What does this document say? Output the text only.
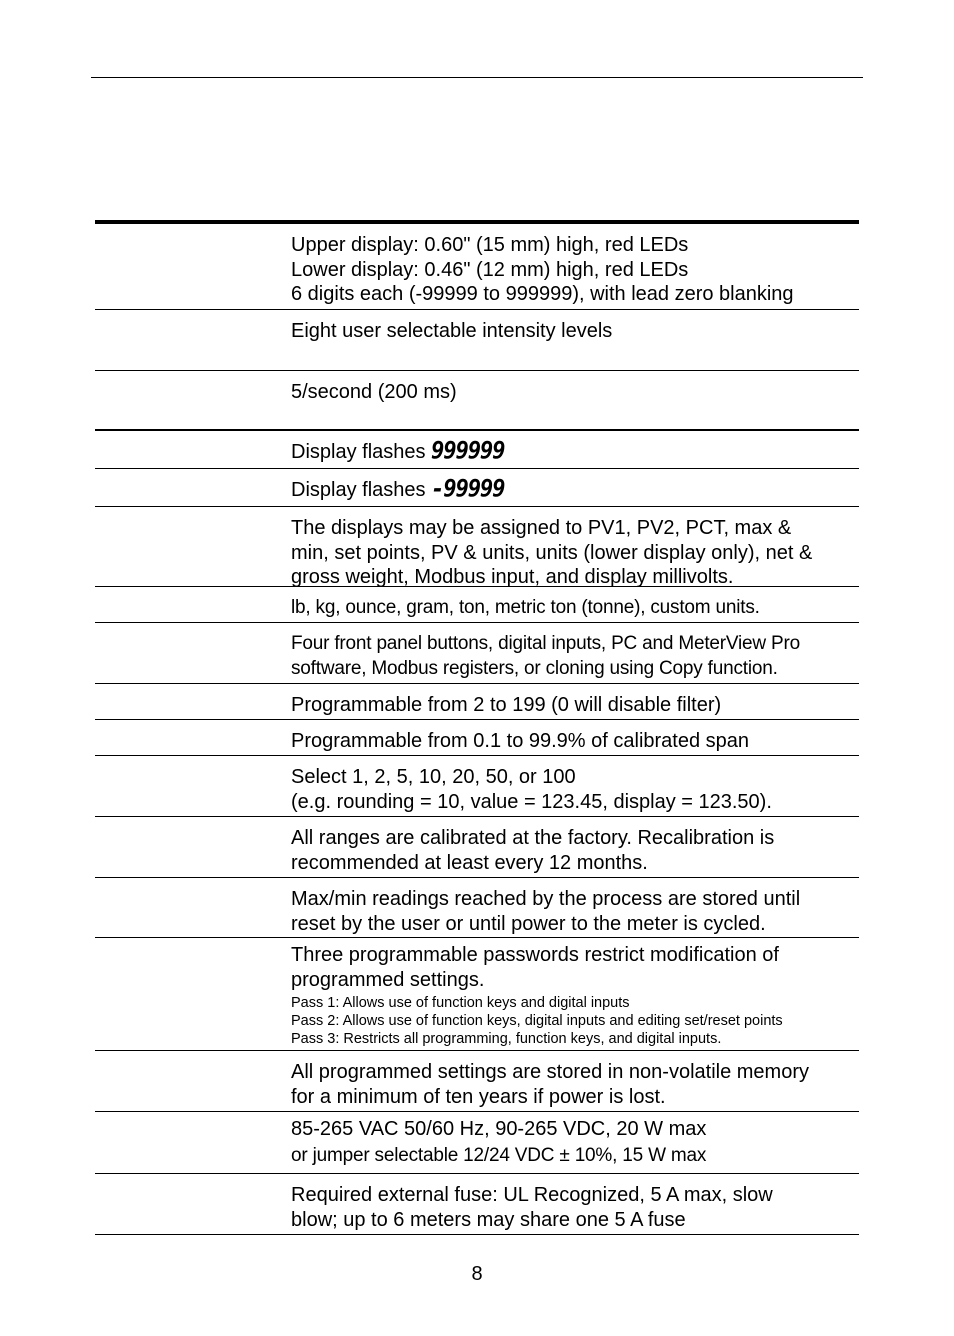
Upper display: 0.60" (15 mm) high, red LEDs
Lower display: 0.46" (12 mm) high, red LEDs
6 digits each (-99999 to 999999), with lead zero blanking
Eight user selectable intensity levels
5/second (200 ms)
Display flashes 999999
Display flashes -99999
The displays may be assigned to PV1, PV2, PCT, max &
min, set points, PV & units, units (lower display only), net &
gross weight, Modbus input, and display millivolts.
lb, kg, ounce, gram, ton, metric ton (tonne), custom units.
Four front panel buttons, digital inputs, PC and MeterView Pro
software, Modbus registers, or cloning using Copy function.
Programmable from 2 to 199 (0 will disable filter)
Programmable from 0.1 to 99.9% of calibrated span
Select 1, 2, 5, 10, 20, 50, or 100
(e.g. rounding = 10, value = 123.45, display = 123.50).
All ranges are calibrated at the factory. Recalibration is
recommended at least every 12 months.
Max/min readings reached by the process are stored until
reset by the user or until power to the meter is cycled.
Three programmable passwords restrict modification of
programmed settings.
Pass 1: Allows use of function keys and digital inputs
Pass 2: Allows use of function keys, digital inputs and editing set/reset points
Pass 3: Restricts all programming, function keys, and digital inputs.
All programmed settings are stored in non-volatile memory
for a minimum of ten years if power is lost.
85-265 VAC 50/60 Hz, 90-265 VDC, 20 W max
or jumper selectable 12/24 VDC ± 10%, 15 W max
Required external fuse: UL Recognized, 5 A max, slow
blow; up to 6 meters may share one 5 A fuse
8
